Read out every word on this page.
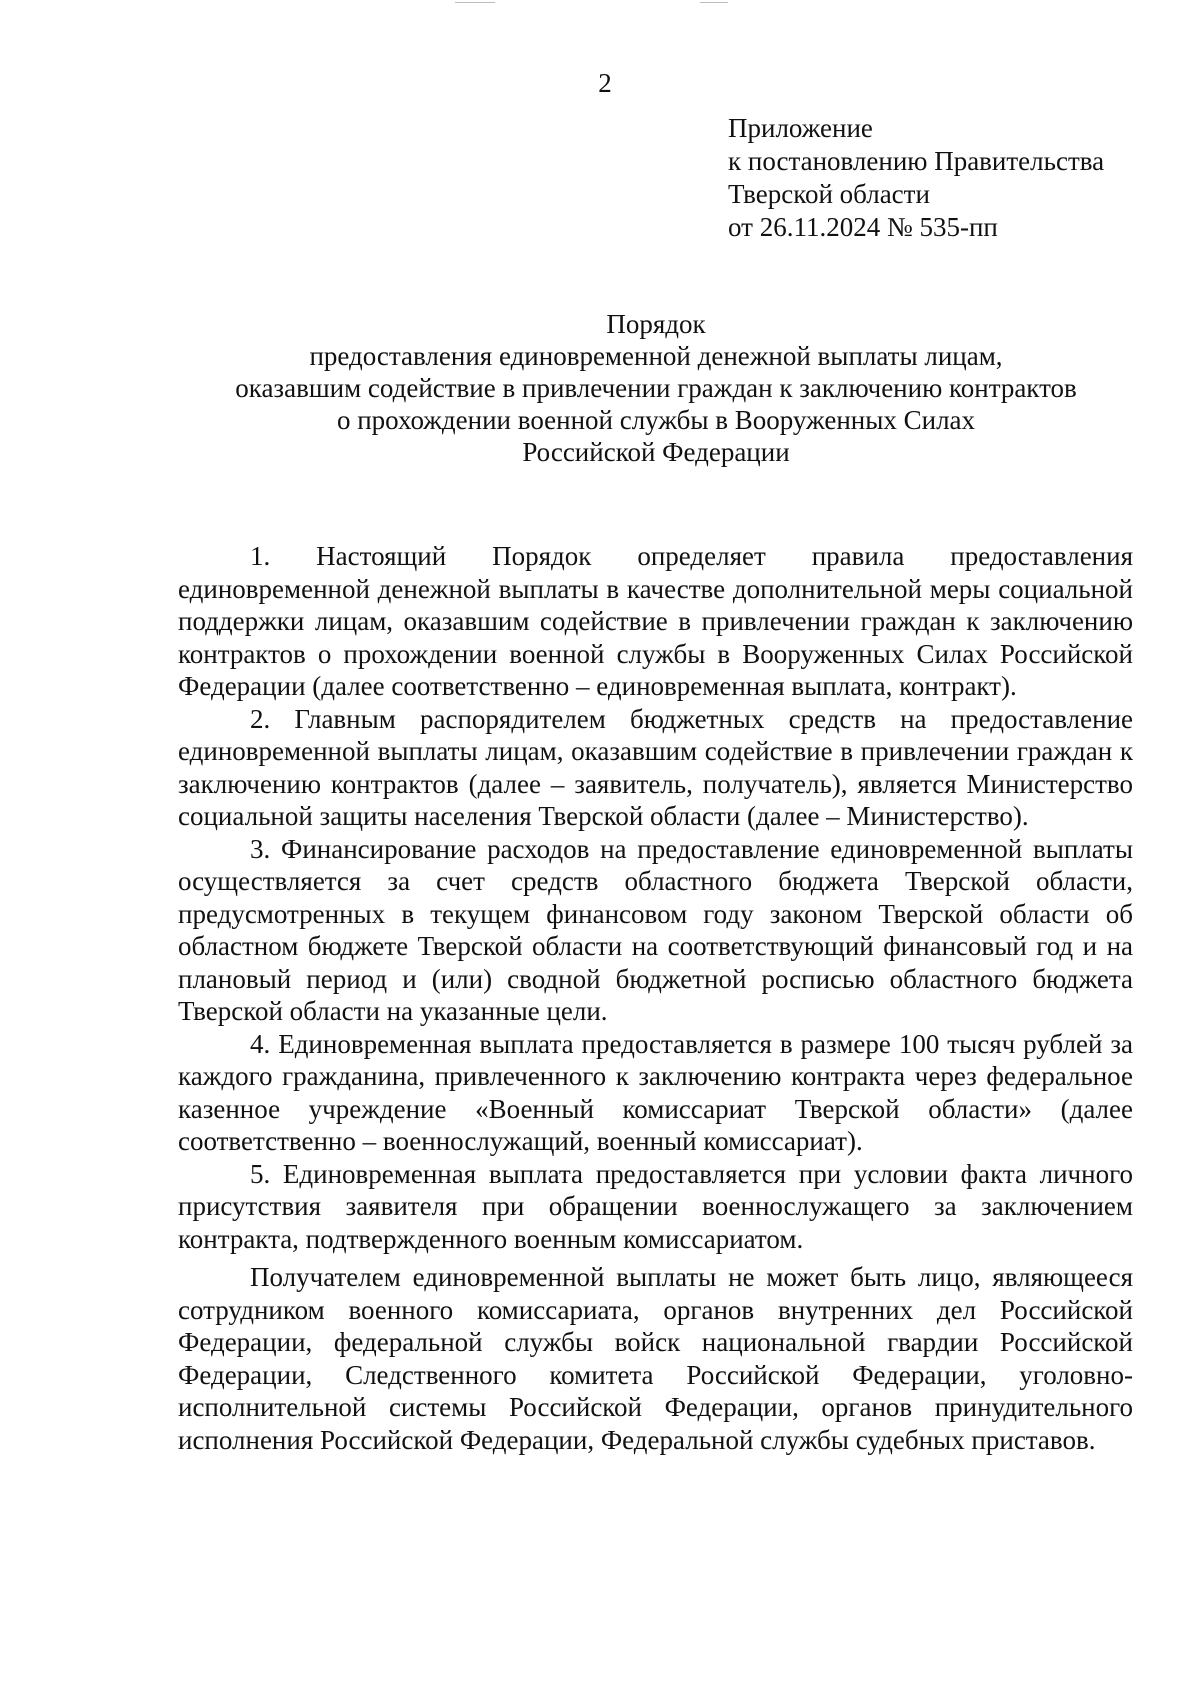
2
Приложение
к постановлению Правительства
Тверской области
от 26.11.2024 № 535-пп
Порядок
предоставления единовременной денежной выплаты лицам,
оказавшим содействие в привлечении граждан к заключению контрактов
о прохождении военной службы в Вооруженных Силах
Российской Федерации

1. Настоящий Порядок определяет правила предоставления единовременной денежной выплаты в качестве дополнительной меры социальной поддержки лицам, оказавшим содействие в привлечении граждан к заключению контрактов о прохождении военной службы в Вооруженных Силах Российской Федерации (далее соответственно – единовременная выплата, контракт).

2. Главным распорядителем бюджетных средств на предоставление единовременной выплаты лицам, оказавшим содействие в привлечении граждан к заключению контрактов (далее – заявитель, получатель), является Министерство социальной защиты населения Тверской области (далее – Министерство).

3. Финансирование расходов на предоставление единовременной выплаты осуществляется за счет средств областного бюджета Тверской области, предусмотренных в текущем финансовом году законом Тверской области об областном бюджете Тверской области на соответствующий финансовый год и на плановый период и (или) сводной бюджетной росписью областного бюджета Тверской области на указанные цели.

4. Единовременная выплата предоставляется в размере 100 тысяч рублей за каждого гражданина, привлеченного к заключению контракта через федеральное казенное учреждение «Военный комиссариат Тверской области» (далее соответственно – военнослужащий, военный комиссариат).

5. Единовременная выплата предоставляется при условии факта личного присутствия заявителя при обращении военнослужащего за заключением контракта, подтвержденного военным комиссариатом.

Получателем единовременной выплаты не может быть лицо, являющееся сотрудником военного комиссариата, органов внутренних дел Российской Федерации, федеральной службы войск национальной гвардии Российской Федерации, Следственного комитета Российской Федерации, уголовно-исполнительной системы Российской Федерации, органов принудительного исполнения Российской Федерации, Федеральной службы судебных приставов.
